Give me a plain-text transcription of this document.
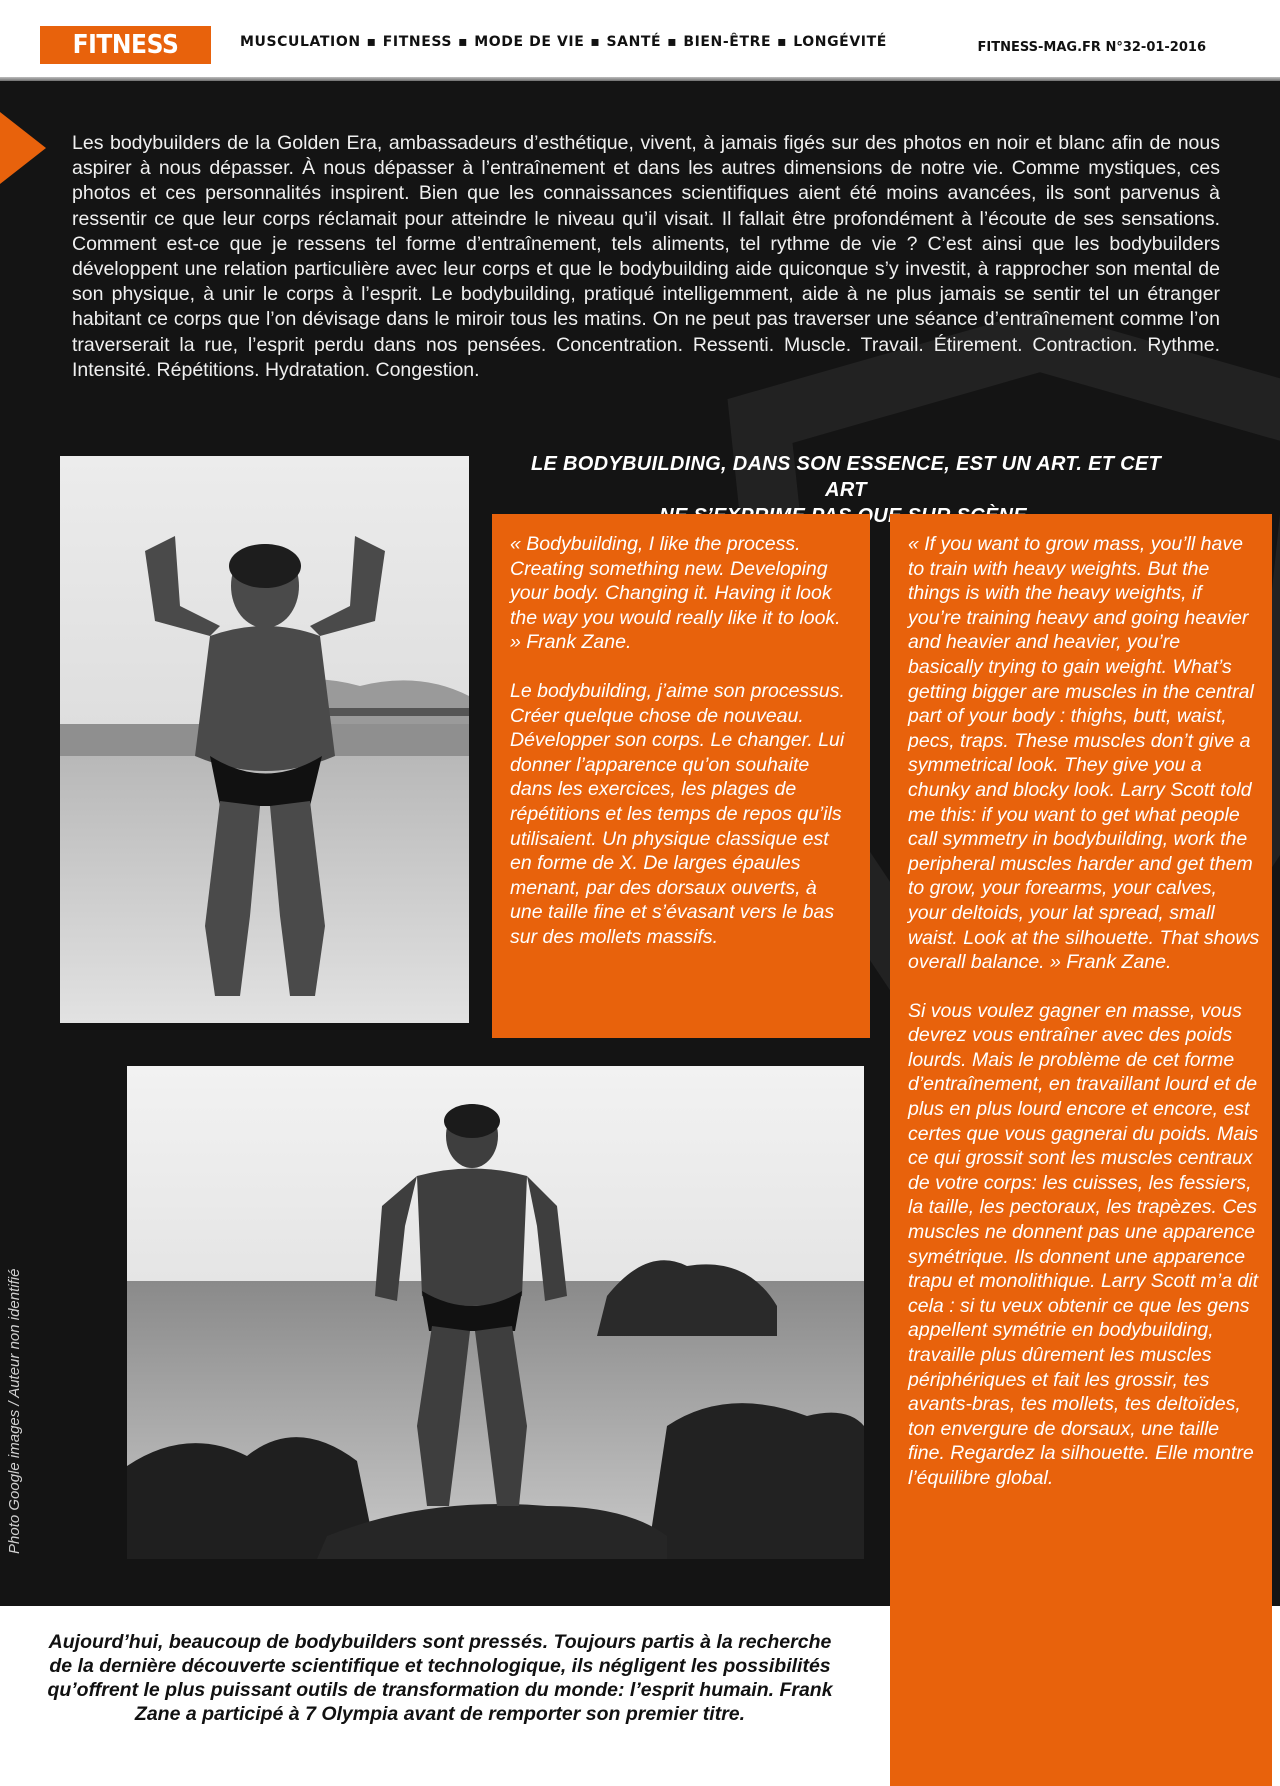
FITNESS	MUSCULATION ▪ FITNESS ▪ MODE DE VIE ▪ SANTÉ ▪ BIEN-ÊTRE ▪ LONGÉVITÉ	FITNESS-MAG.FR N°32-01-2016

Les bodybuilders de la Golden Era, ambassadeurs d’esthétique, vivent, à jamais figés sur des photos en noir et blanc afin de nous aspirer à nous dépasser. À nous dépasser à l’entraînement et dans les autres dimensions de notre vie. Comme mystiques, ces photos et ces personnalités inspirent. Bien que les connaissances scientifiques aient été moins avancées, ils sont parvenus à ressentir ce que leur corps réclamait pour atteindre le niveau qu’il visait. Il fallait être profondément à l’écoute de ses sensations. Comment est-ce que je ressens tel forme d’entraînement, tels aliments, tel rythme de vie ? C’est ainsi que les bodybuilders développent une relation particulière avec leur corps et que le bodybuilding aide quiconque s’y investit, à rapprocher son mental de son physique, à unir le corps à l’esprit. Le bodybuilding, pratiqué intelligemment, aide à ne plus jamais se sentir tel un étranger habitant ce corps que l’on dévisage dans le miroir tous les matins. On ne peut pas traverser une séance d’entraînement comme l’on traverserait la rue, l’esprit perdu dans nos pensées. Concentration. Ressenti. Muscle. Travail. Étirement. Contraction. Rythme. Intensité. Répétitions. Hydratation. Congestion.

LE BODYBUILDING, DANS SON ESSENCE, EST UN ART. ET CET ART
QUE

« Bodybuilding, I like the process. Creating something new. Developing your body. Changing it. Having it look the way you would really like it to look. » Frank Zane.

Le bodybuilding, j’aime son processus. Créer quelque chose de nouveau. Développer son corps. Le changer. Lui donner l’apparence qu’on souhaite dans les exercices, les plages de répétitions et les temps de repos qu’ils utilisaient. Un physique classique est en forme de X. De larges épaules menant, par des dorsaux ouverts, à une taille fine et s’évasant vers le bas sur des mollets massifs.

Photo Google images / Auteur non identifié

« If you want to grow mass, you’ll have to train with heavy weights. But the things is with the heavy weights, if you’re training heavy and going heavier and heavier and heavier, you’re basically trying to gain weight. What’s getting bigger are muscles in the central part of your body : thighs, butt, waist, pecs, traps. These muscles don’t give a symmetrical look. They give you a chunky and blocky look. Larry Scott told me this: if you want to get what people call symmetry in bodybuilding, work the peripheral muscles harder and get them to grow, your forearms, your calves, your deltoids, your lat spread, small waist. Look at the silhouette. That shows overall balance. » Frank Zane.

Si vous voulez gagner en masse, vous devrez vous entraîner avec des poids lourds. Mais le problème de cet forme d’entraînement, en travaillant lourd et de plus en plus lourd encore et encore, est certes que vous gagnerai du poids. Mais ce qui grossit sont les muscles centraux de votre corps: les cuisses, les fessiers, la taille, les pectoraux, les trapèzes. Ces muscles ne donnent pas une apparence symétrique. Ils donnent une apparence trapu et monolithique. Larry Scott m’a dit cela : si tu veux obtenir ce que les gens appellent symétrie en bodybuilding, travaille plus dûrement les muscles périphériques et fait les grossir, tes avants-bras, tes mollets, tes deltoïdes, ton envergure de dorsaux, une taille fine. Regardez la silhouette. Elle montre l’équilibre global.

Aujourd’hui, beaucoup de bodybuilders sont pressés. Toujours partis à la recherche de la dernière découverte scientifique et technologique, ils négligent les possibilités qu’offrent le plus puissant outils de transformation du monde: l’esprit humain. Frank Zane a participé à 7 Olympia avant de remporter son premier titre.
